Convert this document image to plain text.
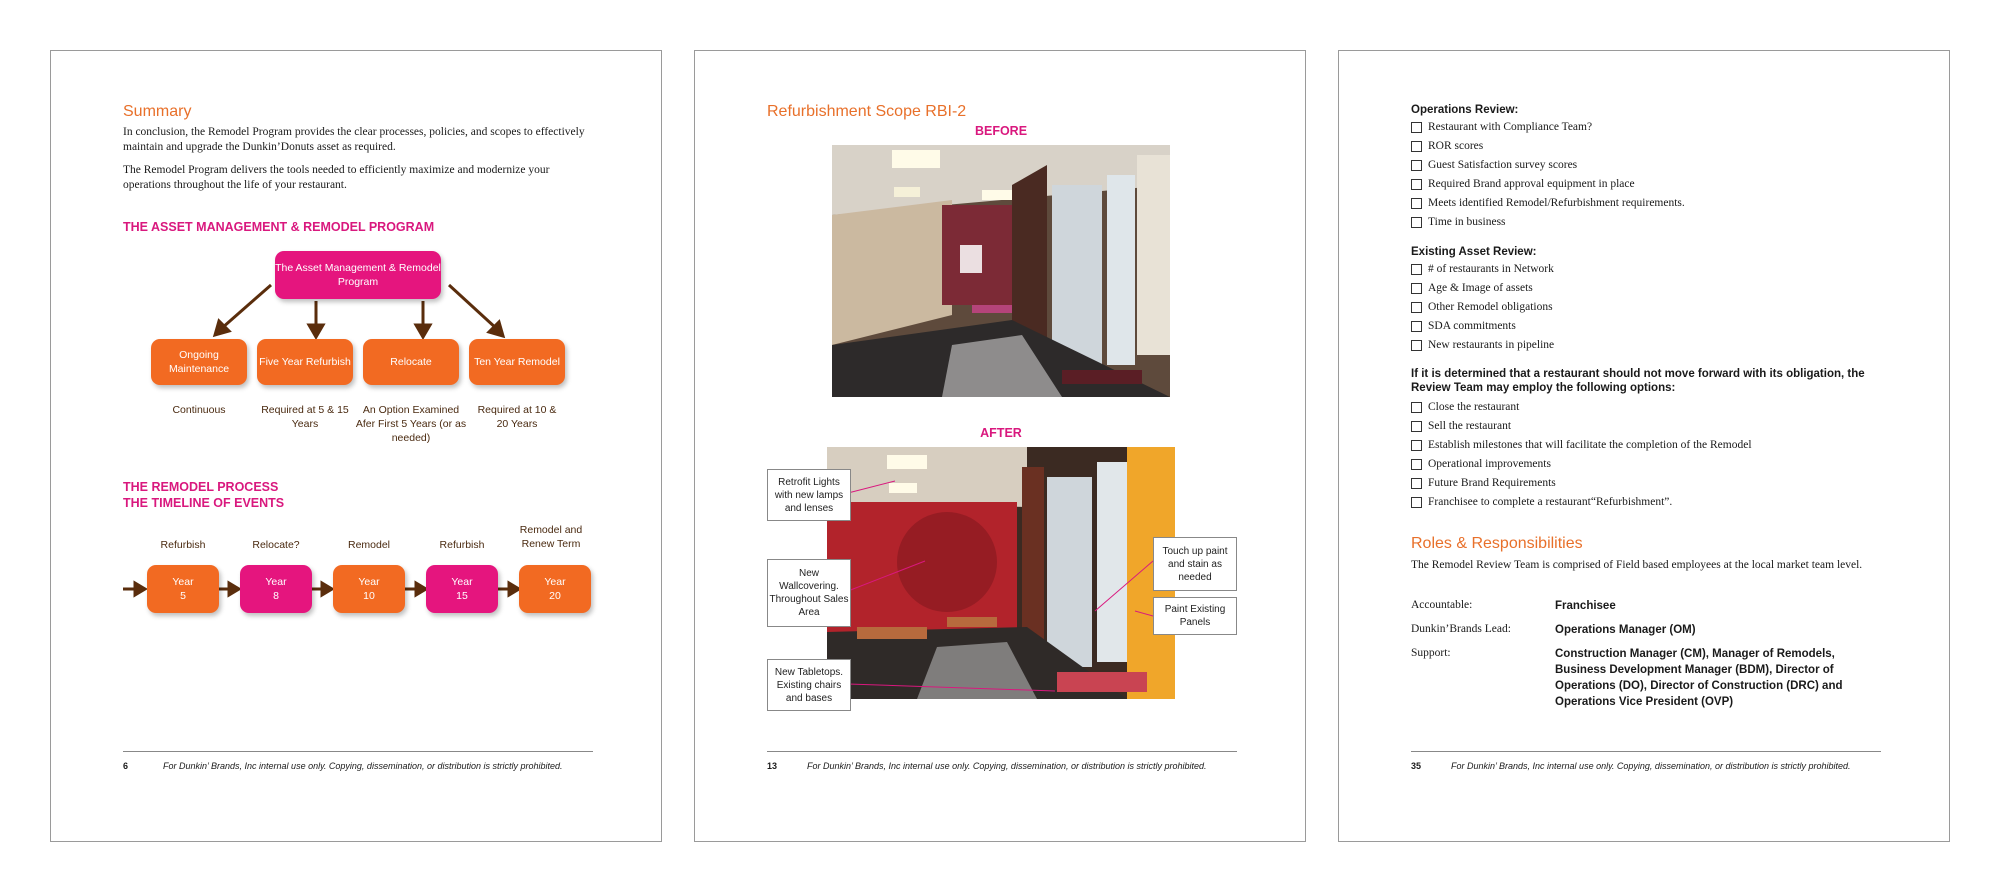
Summary
In conclusion, the Remodel Program provides the clear processes, policies, and scopes to effectively maintain and upgrade the Dunkin’Donuts asset as required.
The Remodel Program delivers the tools needed to efficiently maximize and modernize your operations throughout the life of your restaurant.
THE ASSET MANAGEMENT & REMODEL PROGRAM
The Asset Management & Remodel Program
Ongoing Maintenance
Five Year Refurbish	Relocate	Ten Year Remodel
Continuous	Required at 5 & 15 Years
An Option Examined Afer First 5 Years (or as needed)
Required at 10 & 20 Years
THE REMODEL PROCESS
THE TIMELINE OF EVENTS
Refurbish	Relocate?	Remodel	Refurbish
Remodel and Renew Term
Year
5
Year
8
Year
10
Year
15
Year
20
6	For Dunkin’ Brands, Inc internal use only. Copying, dissemination, or distribution is strictly prohibited.
Refurbishment Scope RBI-2
BEFORE
AFTER
Retrofit Lights with new lamps and lenses
New Wallcovering. Throughout Sales Area
New Tabletops. Existing chairs and bases
Touch up paint and stain as needed
Paint Existing Panels
13	For Dunkin’ Brands, Inc internal use only. Copying, dissemination, or distribution is strictly prohibited.
Operations Review:
Restaurant with Compliance Team?
ROR scores
Guest Satisfaction survey scores
Required Brand approval equipment in place
Meets identified Remodel/Refurbishment requirements.
Time in business
Existing Asset Review:
# of restaurants in Network
Age & Image of assets
Other Remodel obligations
SDA commitments
New restaurants in pipeline
If it is determined that a restaurant should not move forward with its obligation, the Review Team may employ the following options:
Close the restaurant
Sell the restaurant
Establish milestones that will facilitate the completion of the Remodel
Operational improvements
Future Brand Requirements
Franchisee to complete a restaurant“Refurbishment”.
Roles & Responsibilities
The Remodel Review Team is comprised of Field based employees at the local market team level.
Accountable:	Franchisee
Dunkin’Brands Lead:	Operations Manager (OM)
Support:	Construction Manager (CM), Manager of Remodels, Business Development Manager (BDM), Director of Operations (DO), Director of Construction (DRC) and Operations Vice President (OVP)
35	For Dunkin’ Brands, Inc internal use only. Copying, dissemination, or distribution is strictly prohibited.
